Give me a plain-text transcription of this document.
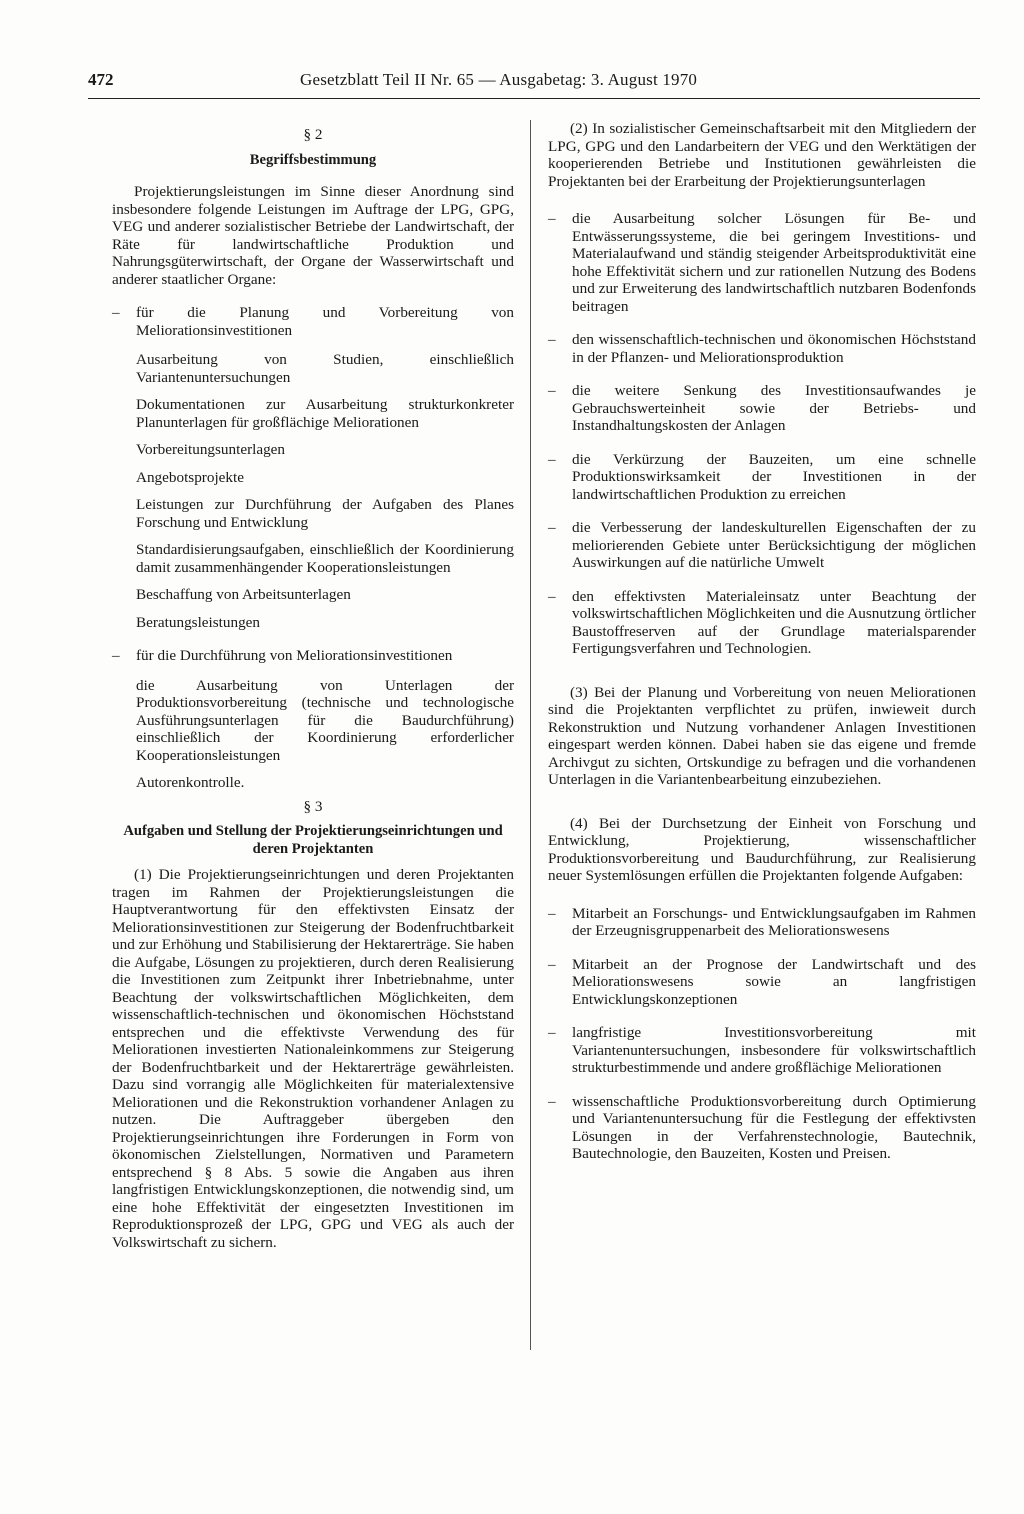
472	Gesetzblatt Teil II Nr. 65 — Ausgabetag: 3. August 1970

§ 2

Begriffsbestimmung

Projektierungsleistungen im Sinne dieser Anordnung sind insbesondere folgende Leistungen im Auftrage der LPG, GPG, VEG und anderer sozialistischer Betriebe der Landwirtschaft, der Räte für landwirtschaftliche Produktion und Nahrungsgüterwirtschaft, der Organe der Wasserwirtschaft und anderer staatlicher Organe:

– für die Planung und Vorbereitung von Meliorationsinvestitionen

Ausarbeitung von Studien, einschließlich Variantenuntersuchungen

Dokumentationen zur Ausarbeitung strukturkonkreter Planunterlagen für großflächige Meliorationen

Vorbereitungsunterlagen

Angebotsprojekte

Leistungen zur Durchführung der Aufgaben des Planes Forschung und Entwicklung

Standardisierungsaufgaben, einschließlich der Koordinierung damit zusammenhängender Kooperationsleistungen

Beschaffung von Arbeitsunterlagen

Beratungsleistungen

– für die Durchführung von Meliorationsinvestitionen

die Ausarbeitung von Unterlagen der Produktionsvorbereitung (technische und technologische Ausführungsunterlagen für die Baudurchführung) einschließlich der Koordinierung erforderlicher Kooperationsleistungen

Autorenkontrolle.

§ 3

Aufgaben und Stellung der Projektierungseinrichtungen und deren Projektanten

(1) Die Projektierungseinrichtungen und deren Projektanten tragen im Rahmen der Projektierungsleistungen die Hauptverantwortung für den effektivsten Einsatz der Meliorationsinvestitionen zur Steigerung der Bodenfruchtbarkeit und zur Erhöhung und Stabilisierung der Hektarerträge. Sie haben die Aufgabe, Lösungen zu projektieren, durch deren Realisierung die Investitionen zum Zeitpunkt ihrer Inbetriebnahme, unter Beachtung der volkswirtschaftlichen Möglichkeiten, dem wissenschaftlich-technischen und ökonomischen Höchststand entsprechen und die effektivste Verwendung des für Meliorationen investierten Nationaleinkommens zur Steigerung der Bodenfruchtbarkeit und der Hektarerträge gewährleisten. Dazu sind vorrangig alle Möglichkeiten für materialextensive Meliorationen und die Rekonstruktion vorhandener Anlagen zu nutzen. Die Auftraggeber übergeben den Projektierungseinrichtungen ihre Forderungen in Form von ökonomischen Zielstellungen, Normativen und Parametern entsprechend § 8 Abs. 5 sowie die Angaben aus ihren langfristigen Entwicklungskonzeptionen, die notwendig sind, um eine hohe Effektivität der eingesetzten Investitionen im Reproduktionsprozeß der LPG, GPG und VEG als auch der Volkswirtschaft zu sichern.

(2) In sozialistischer Gemeinschaftsarbeit mit den Mitgliedern der LPG, GPG und den Landarbeitern der VEG und den Werktätigen der kooperierenden Betriebe und Institutionen gewährleisten die Projektanten bei der Erarbeitung der Projektierungsunterlagen

– die Ausarbeitung solcher Lösungen für Be- und Entwässerungssysteme, die bei geringem Investitions- und Materialaufwand und ständig steigender Arbeitsproduktivität eine hohe Effektivität sichern und zur rationellen Nutzung des Bodens und zur Erweiterung des landwirtschaftlich nutzbaren Bodenfonds beitragen
– den wissenschaftlich-technischen und ökonomischen Höchststand in der Pflanzen- und Meliorationsproduktion
– die weitere Senkung des Investitionsaufwandes je Gebrauchswerteinheit sowie der Betriebs- und Instandhaltungskosten der Anlagen
– die Verkürzung der Bauzeiten, um eine schnelle Produktionswirksamkeit der Investitionen in der landwirtschaftlichen Produktion zu erreichen
– die Verbesserung der landeskulturellen Eigenschaften der zu meliorierenden Gebiete unter Berücksichtigung der möglichen Auswirkungen auf die natürliche Umwelt
– den effektivsten Materialeinsatz unter Beachtung der volkswirtschaftlichen Möglichkeiten und die Ausnutzung örtlicher Baustoffreserven auf der Grundlage materialsparender Fertigungsverfahren und Technologien.

(3) Bei der Planung und Vorbereitung von neuen Meliorationen sind die Projektanten verpflichtet zu prüfen, inwieweit durch Rekonstruktion und Nutzung vorhandener Anlagen Investitionen eingespart werden können. Dabei haben sie das eigene und fremde Archivgut zu sichten, Ortskundige zu befragen und die vorhandenen Unterlagen in die Variantenbearbeitung einzubeziehen.

(4) Bei der Durchsetzung der Einheit von Forschung und Entwicklung, Projektierung, wissenschaftlicher Produktionsvorbereitung und Baudurchführung, zur Realisierung neuer Systemlösungen erfüllen die Projektanten folgende Aufgaben:

– Mitarbeit an Forschungs- und Entwicklungsaufgaben im Rahmen der Erzeugnisgruppenarbeit des Meliorationswesens
– Mitarbeit an der Prognose der Landwirtschaft und des Meliorationswesens sowie an langfristigen Entwicklungskonzeptionen
– langfristige Investitionsvorbereitung mit Variantenuntersuchungen, insbesondere für volkswirtschaftlich strukturbestimmende und andere großflächige Meliorationen
– wissenschaftliche Produktionsvorbereitung durch Optimierung und Variantenuntersuchung für die Festlegung der effektivsten Lösungen in der Verfahrenstechnologie, Bautechnik, Bautechnologie, den Bauzeiten, Kosten und Preisen.
